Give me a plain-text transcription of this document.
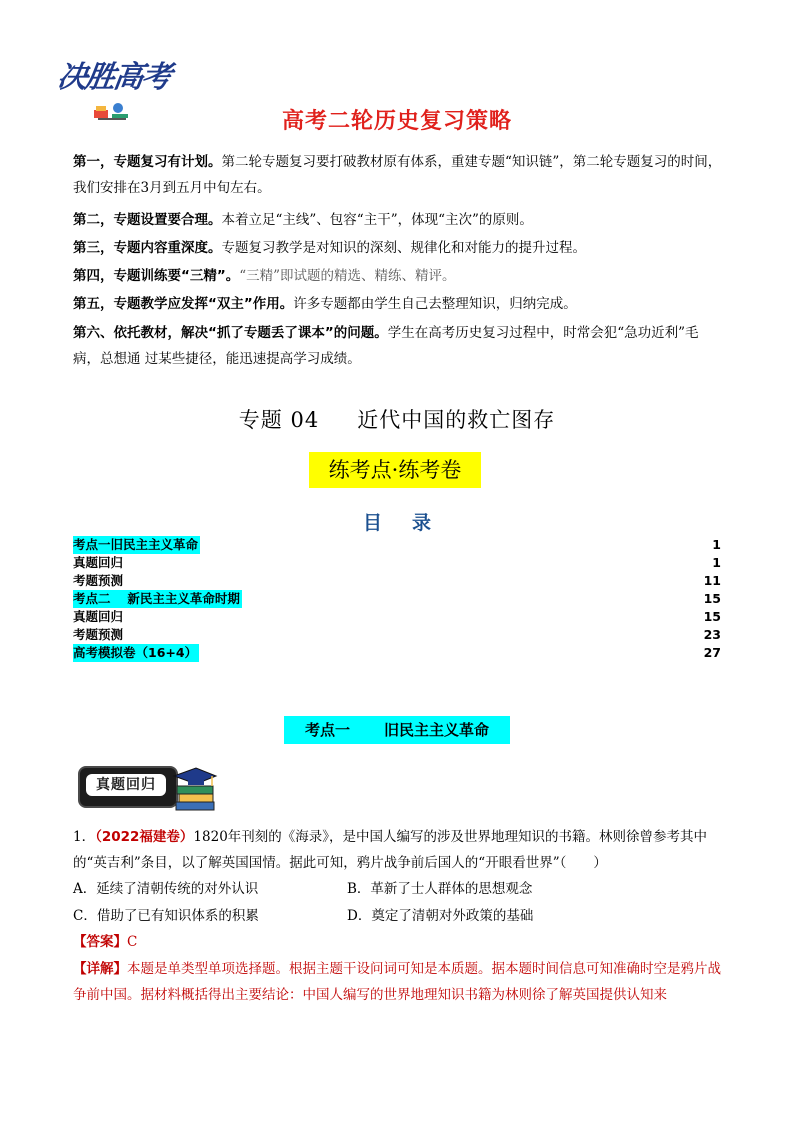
决胜高考
高考二轮历史复习策略
第一，专题复习有计划。第二轮专题复习要打破教材原有体系，重建专题“知识链”，第二轮专题复习的时间，我们安排在3月到五月中旬左右。
第二，专题设置要合理。本着立足“主线”、包容“主干”，体现“主次”的原则。
第三，专题内容重深度。专题复习教学是对知识的深刻、规律化和对能力的提升过程。
第四，专题训练要“三精”。“三精”即试题的精选、精练、精评。
第五，专题教学应发挥“双主”作用。许多专题都由学生自己去整理知识，归纳完成。
第六、依托教材，解决“抓了专题丢了课本”的问题。学生在高考历史复习过程中，时常会犯“急功近利”毛病，总想通 过某些捷径，能迅速提高学习成绩。
专题 04 近代中国的救亡图存
练考点·练考卷
目 录
考点一旧民主主义革命	1
真题回归	1
考题预测	11
考点二　 新民主主义革命时期	15
真题回归	15
考题预测	23
高考模拟卷（16+4）	27
考点一 旧民主主义革命
真题回归
1．（2022福建卷）1820年刊刻的《海录》，是中国人编写的涉及世界地理知识的书籍。林则徐曾参考其中的“英吉利”条目，以了解英国国情。据此可知，鸦片战争前后国人的“开眼看世界”（　　）
A．延续了清朝传统的对外认识	B．革新了士人群体的思想观念
C．借助了已有知识体系的积累	D．奠定了清朝对外政策的基础
【答案】C
【详解】本题是单类型单项选择题。根据主题干设问词可知是本质题。据本题时间信息可知准确时空是鸦片战争前中国。据材料概括得出主要结论：中国人编写的世界地理知识书籍为林则徐了解英国提供认知来
